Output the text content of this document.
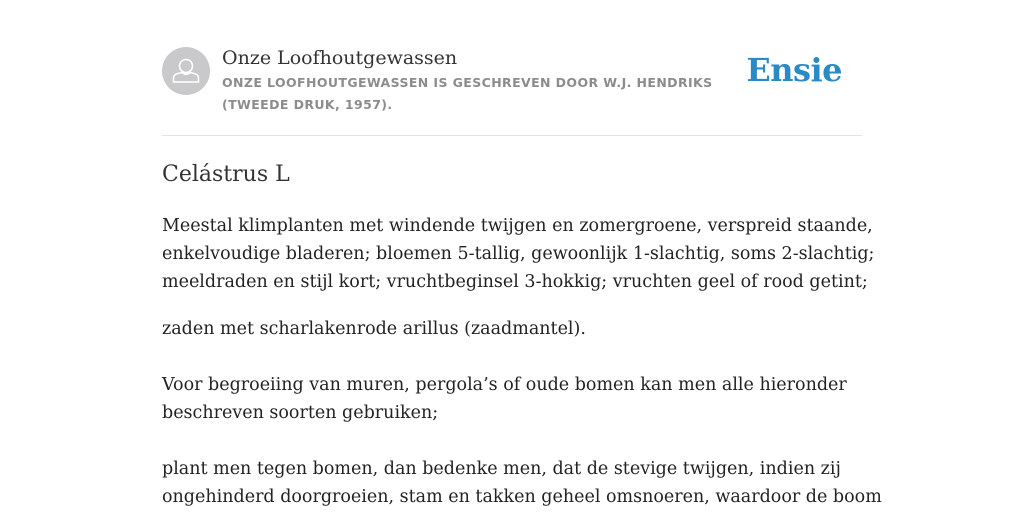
Onze Loofhoutgewassen
ONZE LOOFHOUTGEWASSEN IS GESCHREVEN DOOR W.J. HENDRIKS (TWEEDE DRUK, 1957).
Ensie
Celástrus L

Meestal klimplanten met windende twijgen en zomergroene, verspreid staande,
enkelvoudige bladeren; bloemen 5-tallig, gewoonlijk 1-slachtig, soms 2-slachtig;
meeldraden en stijl kort; vruchtbeginsel 3-hokkig; vruchten geel of rood getint;

zaden met scharlakenrode arillus (zaadmantel).

Voor begroeiing van muren, pergola’s of oude bomen kan men alle hieronder
beschreven soorten gebruiken;

plant men tegen bomen, dan bedenke men, dat de stevige twijgen, indien zij
ongehinderd doorgroeien, stam en takken geheel omsnoeren, waardoor de boom
